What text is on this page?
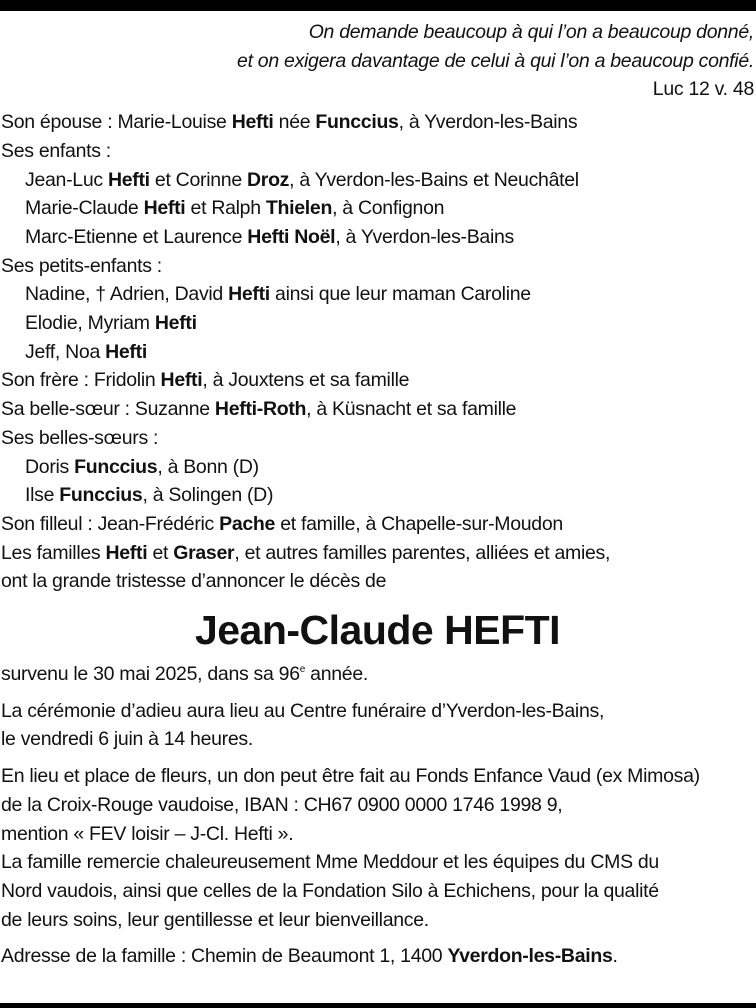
On demande beaucoup à qui l’on a beaucoup donné,
et on exigera davantage de celui à qui l’on a beaucoup confié.
Luc 12 v. 48
Son épouse : Marie-Louise Hefti née Funccius, à Yverdon-les-Bains
Ses enfants :
Jean-Luc Hefti et Corinne Droz, à Yverdon-les-Bains et Neuchâtel
Marie-Claude Hefti et Ralph Thielen, à Confignon
Marc-Etienne et Laurence Hefti Noël, à Yverdon-les-Bains
Ses petits-enfants :
Nadine, † Adrien, David Hefti ainsi que leur maman Caroline
Elodie, Myriam Hefti
Jeff, Noa Hefti
Son frère : Fridolin Hefti, à Jouxtens et sa famille
Sa belle-sœur : Suzanne Hefti-Roth, à Küsnacht et sa famille
Ses belles-sœurs :
Doris Funccius, à Bonn (D)
Ilse Funccius, à Solingen (D)
Son filleul : Jean-Frédéric Pache et famille, à Chapelle-sur-Moudon
Les familles Hefti et Graser, et autres familles parentes, alliées et amies,
ont la grande tristesse d’annoncer le décès de
Jean-Claude HEFTI
survenu le 30 mai 2025, dans sa 96e année.
La cérémonie d’adieu aura lieu au Centre funéraire d’Yverdon-les-Bains,
le vendredi 6 juin à 14 heures.
En lieu et place de fleurs, un don peut être fait au Fonds Enfance Vaud (ex Mimosa)
de la Croix-Rouge vaudoise, IBAN : CH67 0900 0000 1746 1998 9,
mention « FEV loisir – J-Cl. Hefti ».
La famille remercie chaleureusement Mme Meddour et les équipes du CMS du
Nord vaudois, ainsi que celles de la Fondation Silo à Echichens, pour la qualité
de leurs soins, leur gentillesse et leur bienveillance.
Adresse de la famille : Chemin de Beaumont 1, 1400 Yverdon-les-Bains.
